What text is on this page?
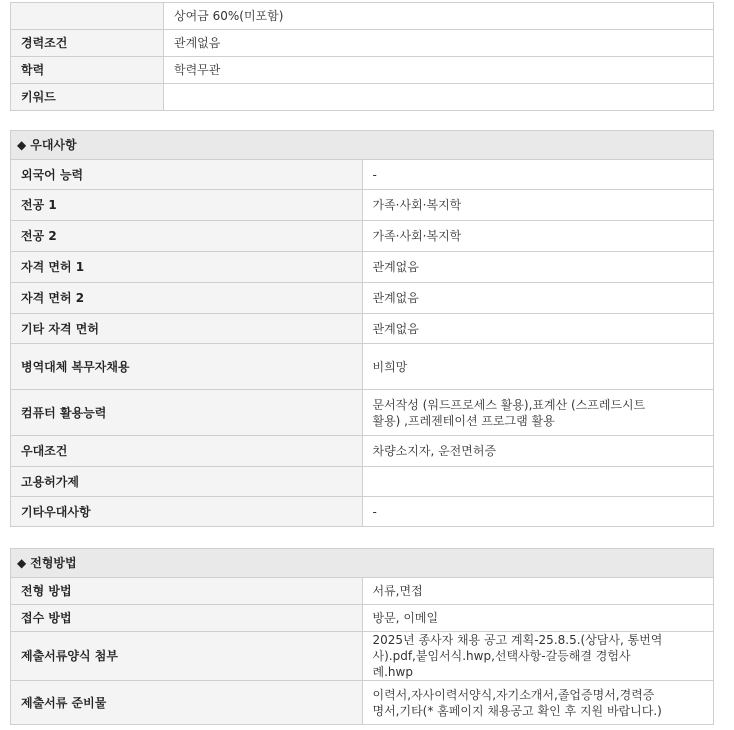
	상여금 60%(미포함)
경력조건	관계없음
학력	학력무관
키워드	
◆ 우대사항	
외국어 능력	-
전공 1	가족·사회·복지학
전공 2	가족·사회·복지학
자격 면허 1	관계없음
자격 면허 2	관계없음
기타 자격 면허	관계없음
병역대체 복무자채용	비희망
컴퓨터 활용능력	문서작성 (워드프로세스 활용),표계산 (스프레드시트 활용) ,프레젠테이션 프로그램 활용
우대조건	차량소지자, 운전면허증
고용허가제	
기타우대사항	-
◆ 전형방법	
전형 방법	서류,면접
접수 방법	방문, 이메일
제출서류양식 첨부	2025년 종사자 채용 공고 계획-25.8.5.(상담사, 통번역사).pdf,붙임서식.hwp,선택사항-갈등해결 경험사례.hwp
제출서류 준비물	이력서,자사이력서양식,자기소개서,졸업증명서,경력증명서,기타(* 홈페이지 채용공고 확인 후 지원 바랍니다.)
